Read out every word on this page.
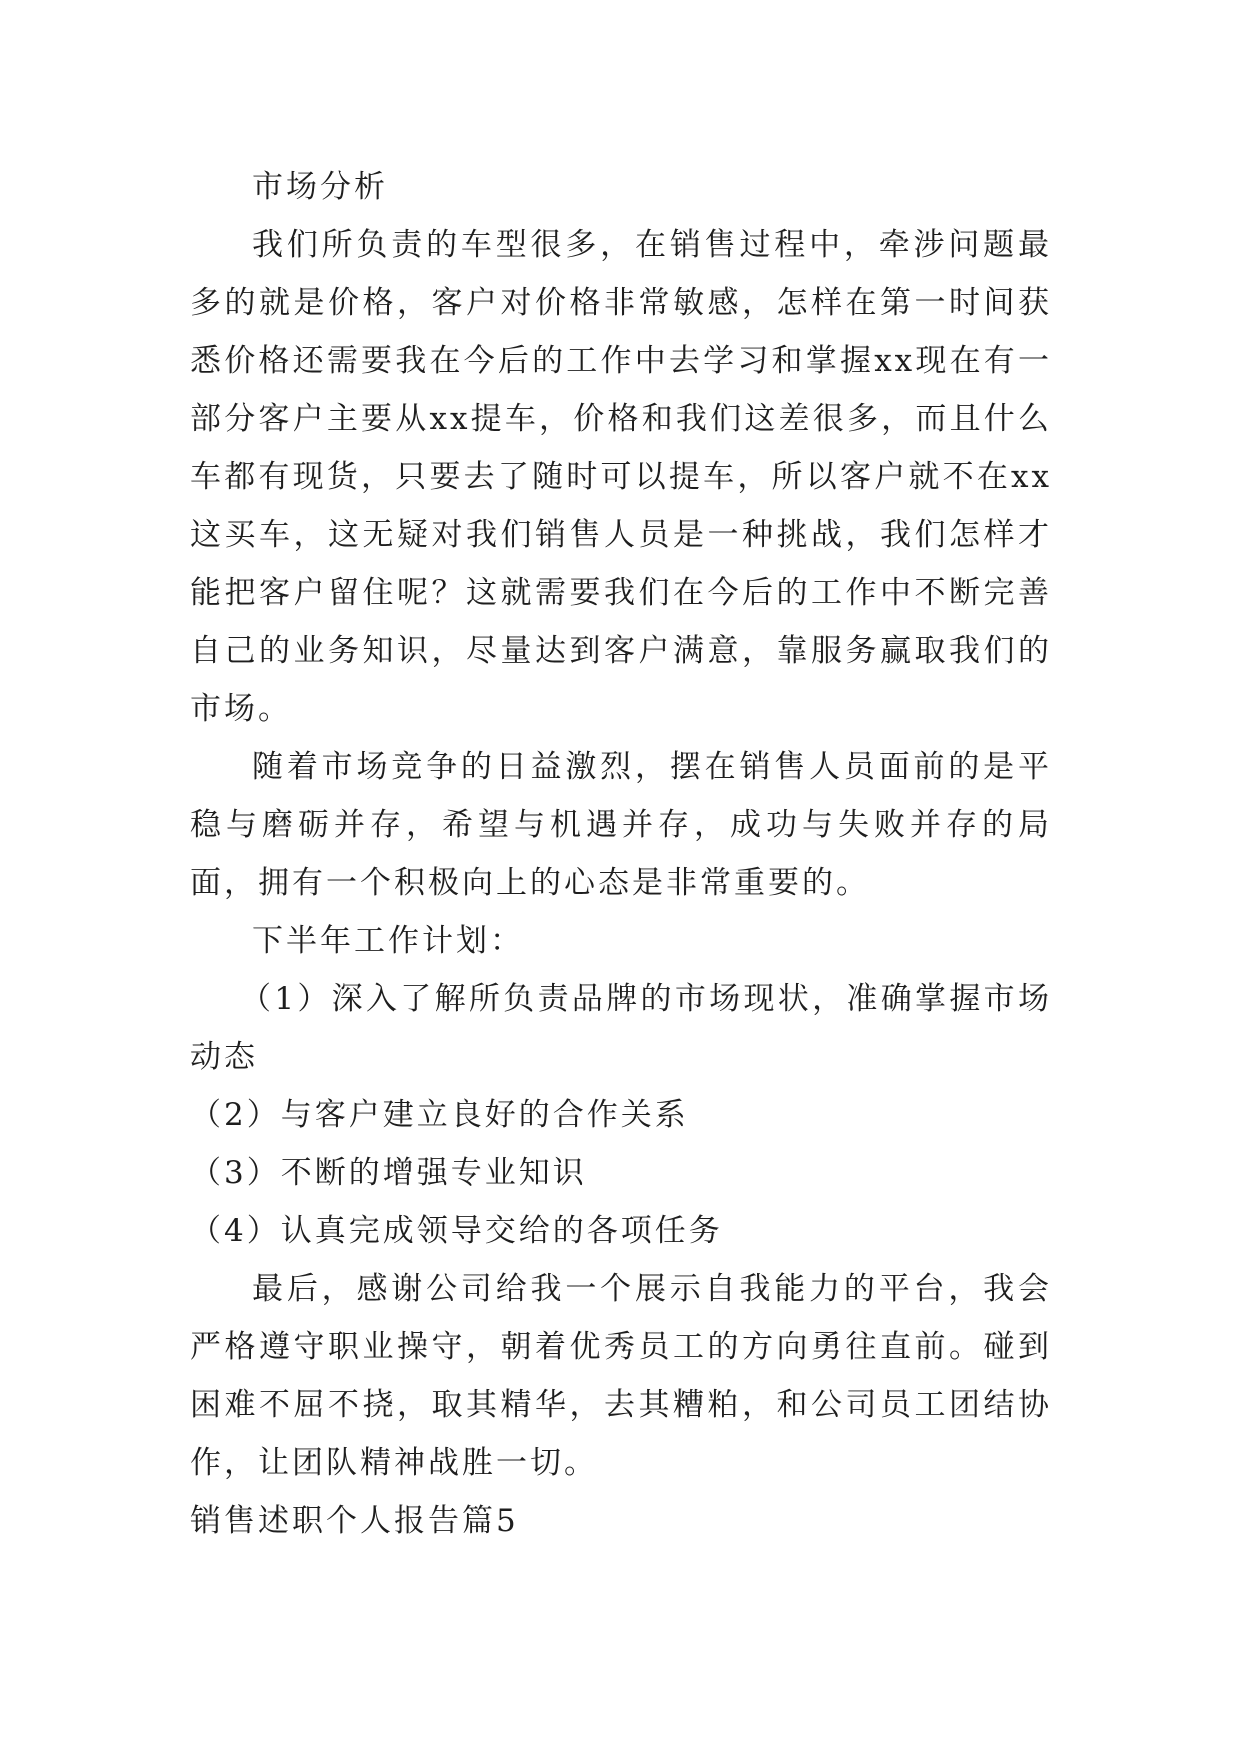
市场分析

我们所负责的车型很多，在销售过程中，牵涉问题最多的就是价格，客户对价格非常敏感，怎样在第一时间获悉价格还需要我在今后的工作中去学习和掌握xx现在有一部分客户主要从xx提车，价格和我们这差很多，而且什么车都有现货，只要去了随时可以提车，所以客户就不在xx这买车，这无疑对我们销售人员是一种挑战，我们怎样才能把客户留住呢？这就需要我们在今后的工作中不断完善自己的业务知识，尽量达到客户满意，靠服务赢取我们的市场。

随着市场竞争的日益激烈，摆在销售人员面前的是平稳与磨砺并存，希望与机遇并存，成功与失败并存的局面，拥有一个积极向上的心态是非常重要的。

下半年工作计划：

（1）深入了解所负责品牌的市场现状，准确掌握市场动态

（2）与客户建立良好的合作关系

（3）不断的增强专业知识

（4）认真完成领导交给的各项任务

最后，感谢公司给我一个展示自我能力的平台，我会严格遵守职业操守，朝着优秀员工的方向勇往直前。碰到困难不屈不挠，取其精华，去其糟粕，和公司员工团结协作，让团队精神战胜一切。

销售述职个人报告篇5
